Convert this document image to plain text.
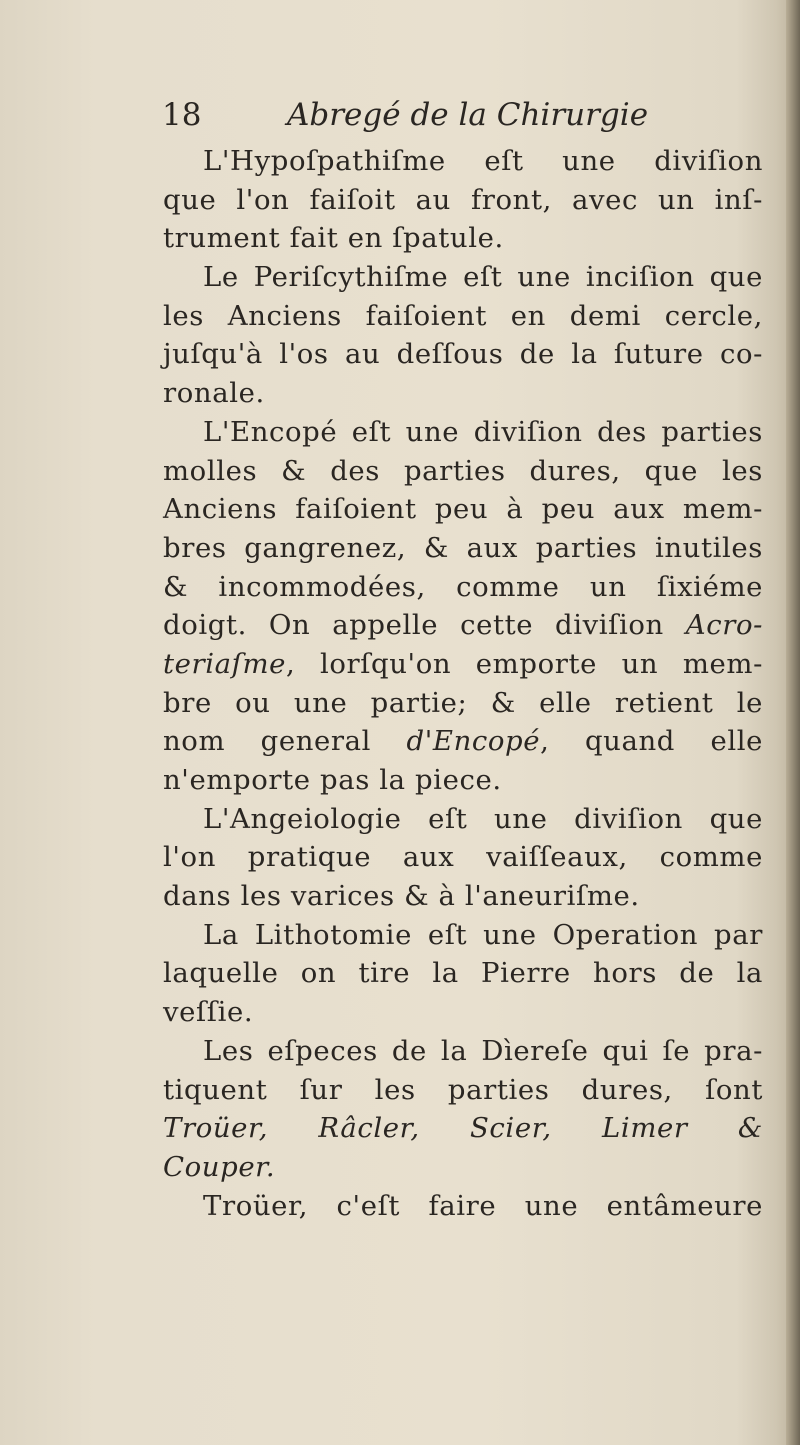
18	Abregé de la Chirurgie
L'Hypoſpathiſme eſt une diviſion
que l'on faiſoit au front, avec un inſ-
trument fait en ſpatule.
Le Periſcythiſme eſt une inciſion que
les Anciens faiſoient en demi cercle,
juſqu'à l'os au deſſous de la ſuture co-
ronale.
L'Encopé eſt une diviſion des parties
molles & des parties dures, que les
Anciens faiſoient peu à peu aux mem-
bres gangrenez, & aux parties inutiles
& incommodées, comme un ſixiéme
doigt. On appelle cette diviſion Acro-
teriaſme, lorſqu'on emporte un mem-
bre ou une partie; & elle retient le
nom general d'Encopé, quand elle
n'emporte pas la piece.
L'Angeiologie eſt une diviſion que
l'on pratique aux vaiſſeaux, comme
dans les varices & à l'aneuriſme.
La Lithotomie eſt une Operation par
laquelle on tire la Pierre hors de la
veſſie.
Les eſpeces de la Dìereſe qui ſe pra-
tiquent ſur les parties dures, ſont
Troüer, Râcler, Scier, Limer &
Couper.
Troüer, c'eſt faire une entâmeure
